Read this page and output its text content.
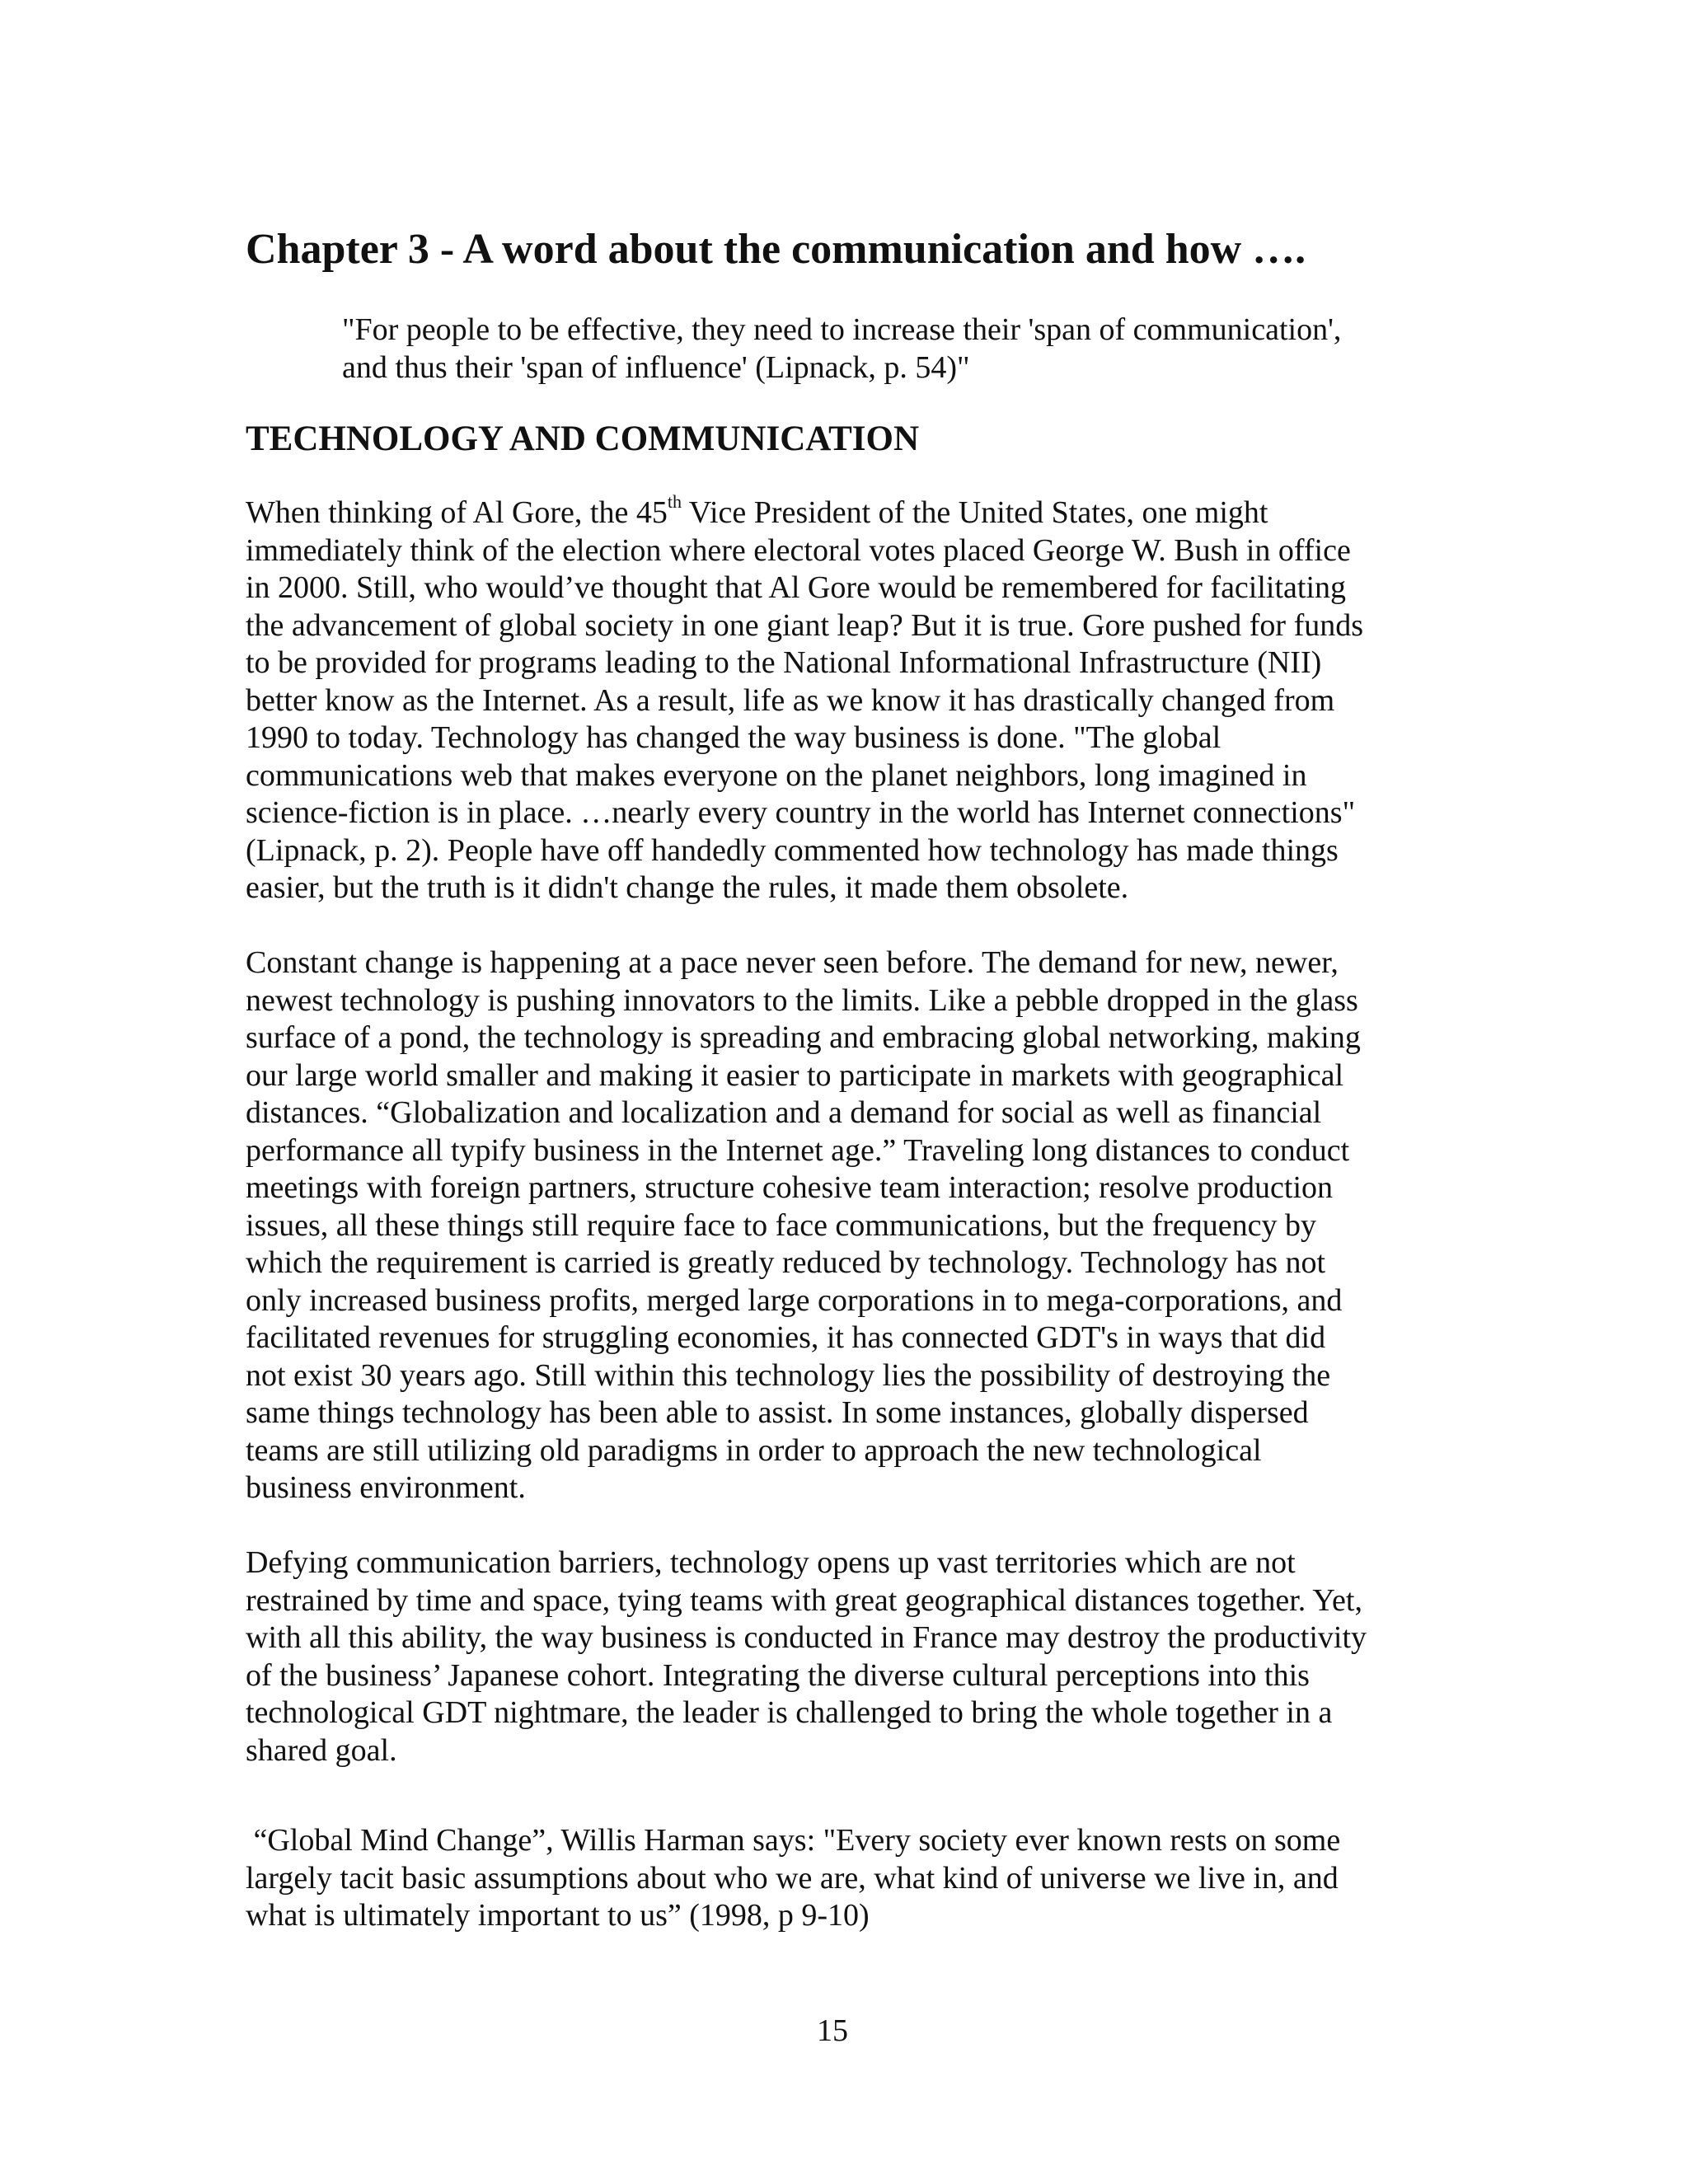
Chapter 3 - A word about the communication and how ….

"For people to be effective, they need to increase their 'span of communication',
and thus their 'span of influence' (Lipnack, p. 54)"

TECHNOLOGY AND COMMUNICATION

When thinking of Al Gore, the 45th Vice President of the United States, one might
immediately think of the election where electoral votes placed George W. Bush in office
in 2000. Still, who would’ve thought that Al Gore would be remembered for facilitating
the advancement of global society in one giant leap? But it is true. Gore pushed for funds
to be provided for programs leading to the National Informational Infrastructure (NII)
better know as the Internet. As a result, life as we know it has drastically changed from
1990 to today. Technology has changed the way business is done. "The global
communications web that makes everyone on the planet neighbors, long imagined in
science-fiction is in place. …nearly every country in the world has Internet connections"
(Lipnack, p. 2). People have off handedly commented how technology has made things
easier, but the truth is it didn't change the rules, it made them obsolete.

Constant change is happening at a pace never seen before. The demand for new, newer,
newest technology is pushing innovators to the limits. Like a pebble dropped in the glass
surface of a pond, the technology is spreading and embracing global networking, making
our large world smaller and making it easier to participate in markets with geographical
distances. “Globalization and localization and a demand for social as well as financial
performance all typify business in the Internet age.” Traveling long distances to conduct
meetings with foreign partners, structure cohesive team interaction; resolve production
issues, all these things still require face to face communications, but the frequency by
which the requirement is carried is greatly reduced by technology. Technology has not
only increased business profits, merged large corporations in to mega-corporations, and
facilitated revenues for struggling economies, it has connected GDT's in ways that did
not exist 30 years ago. Still within this technology lies the possibility of destroying the
same things technology has been able to assist. In some instances, globally dispersed
teams are still utilizing old paradigms in order to approach the new technological
business environment.

Defying communication barriers, technology opens up vast territories which are not
restrained by time and space, tying teams with great geographical distances together. Yet,
with all this ability, the way business is conducted in France may destroy the productivity
of the business’ Japanese cohort. Integrating the diverse cultural perceptions into this
technological GDT nightmare, the leader is challenged to bring the whole together in a
shared goal.

“Global Mind Change”, Willis Harman says: "Every society ever known rests on some
largely tacit basic assumptions about who we are, what kind of universe we live in, and
what is ultimately important to us” (1998, p 9-10)

15
